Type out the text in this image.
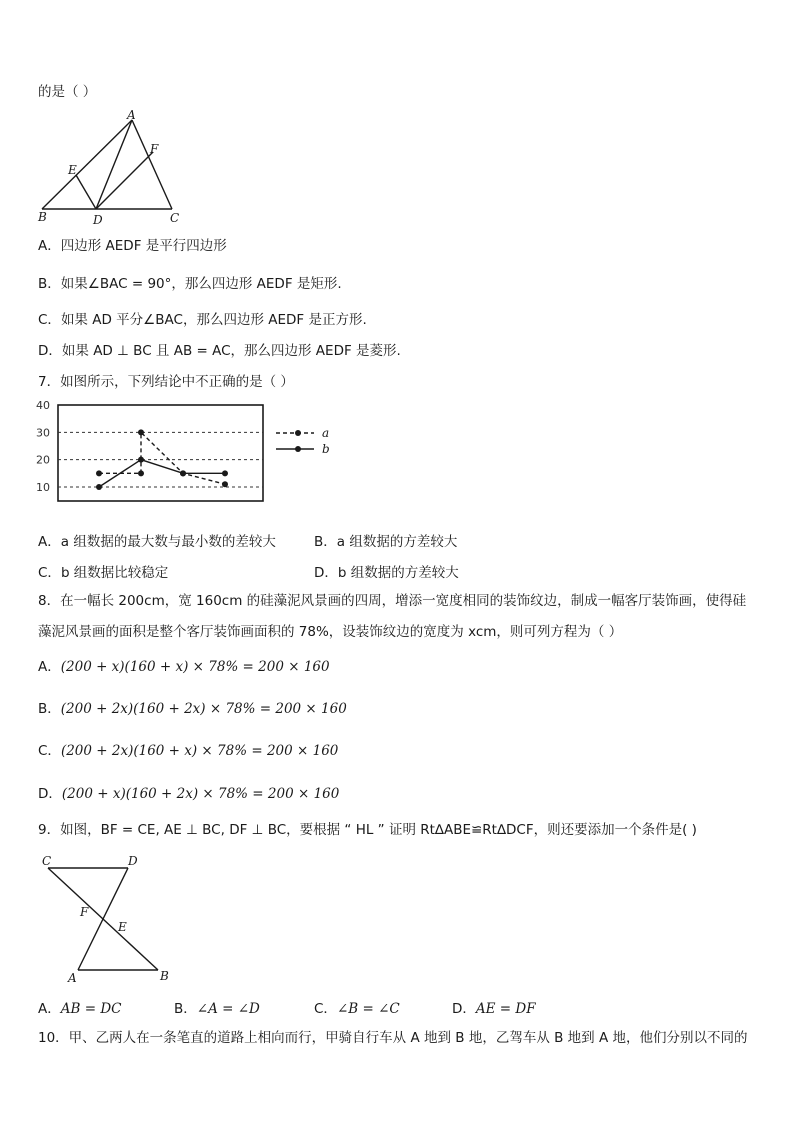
的是（ ）
A
B	C
D
E
F
A．四边形 AEDF 是平行四边形
B．如果∠BAC = 90°，那么四边形 AEDF 是矩形.
C．如果 AD 平分∠BAC，那么四边形 AEDF 是正方形.
D．如果 AD ⊥ BC 且 AB = AC，那么四边形 AEDF 是菱形.
7．如图所示，下列结论中不正确的是（ ）
40
30
20
10
a
b
A．a 组数据的最大数与最小数的差较大	B．a 组数据的方差较大
C．b 组数据比较稳定	D．b 组数据的方差较大
8．在一幅长 200cm，宽 160cm 的硅藻泥风景画的四周，增添一宽度相同的装饰纹边，制成一幅客厅装饰画，使得硅
藻泥风景画的面积是整个客厅装饰画面积的 78%，设装饰纹边的宽度为 xcm，则可列方程为（ ）
A．(200 + x)(160 + x) × 78% = 200 × 160
B．(200 + 2x)(160 + 2x) × 78% = 200 × 160
C．(200 + 2x)(160 + x) × 78% = 200 × 160
D．(200 + x)(160 + 2x) × 78% = 200 × 160
9．如图，BF = CE, AE ⊥ BC, DF ⊥ BC，要根据 “ HL ” 证明 Rt∆ABE≌Rt∆DCF，则还要添加一个条件是( )
C	D
F
E
A	B
A．AB = DC	B．∠A = ∠D	C．∠B = ∠C	D．AE = DF
10．甲、乙两人在一条笔直的道路上相向而行，甲骑自行车从 A 地到 B 地，乙驾车从 B 地到 A 地，他们分别以不同的
